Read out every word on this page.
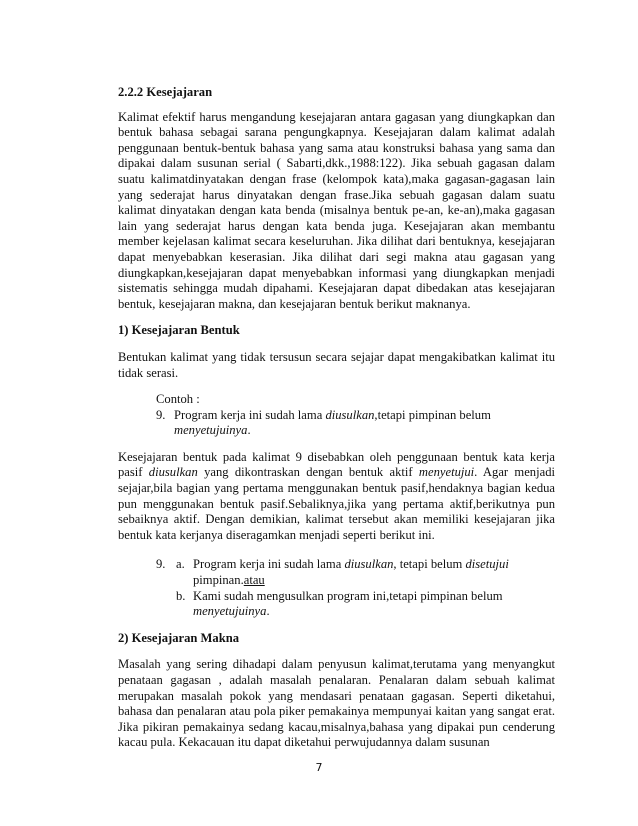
2.2.2 Kesejajaran

Kalimat efektif harus mengandung kesejajaran antara gagasan yang diungkapkan dan bentuk bahasa sebagai sarana pengungkapnya. Kesejajaran dalam kalimat adalah penggunaan bentuk-bentuk bahasa yang sama atau konstruksi bahasa yang sama dan dipakai dalam susunan serial ( Sabarti,dkk.,1988:122). Jika sebuah gagasan dalam suatu kalimatdinyatakan dengan frase (kelompok kata),maka gagasan-gagasan lain yang sederajat harus dinyatakan dengan frase.Jika sebuah gagasan dalam suatu kalimat dinyatakan dengan kata benda (misalnya bentuk pe-an, ke-an),maka gagasan lain yang sederajat harus dengan kata benda juga. Kesejajaran akan membantu member kejelasan kalimat secara keseluruhan. Jika dilihat dari bentuknya, kesejajaran dapat menyebabkan keserasian. Jika dilihat dari segi makna atau gagasan yang diungkapkan,kesejajaran dapat menyebabkan informasi yang diungkapkan menjadi sistematis sehingga mudah dipahami. Kesejajaran dapat dibedakan atas kesejajaran bentuk, kesejajaran makna, dan kesejajaran bentuk berikut maknanya.

1) Kesejajaran Bentuk

Bentukan kalimat yang tidak tersusun secara sejajar dapat mengakibatkan kalimat itu tidak serasi.

Contoh :
9. Program kerja ini sudah lama diusulkan,tetapi pimpinan belum
menyetujuinya.

Kesejajaran bentuk pada kalimat 9 disebabkan oleh penggunaan bentuk kata kerja pasif diusulkan yang dikontraskan dengan bentuk aktif menyetujui. Agar menjadi sejajar,bila bagian yang pertama menggunakan bentuk pasif,hendaknya bagian kedua pun menggunakan bentuk pasif.Sebaliknya,jika yang pertama aktif,berikutnya pun sebaiknya aktif. Dengan demikian, kalimat tersebut akan memiliki kesejajaran jika bentuk kata kerjanya diseragamkan menjadi seperti berikut ini.

9. a. Program kerja ini sudah lama diusulkan, tetapi belum disetujui
pimpinan.atau
b. Kami sudah mengusulkan program ini,tetapi pimpinan belum
menyetujuinya.

2) Kesejajaran Makna

Masalah yang sering dihadapi dalam penyusun kalimat,terutama yang menyangkut penataan gagasan , adalah masalah penalaran. Penalaran dalam sebuah kalimat merupakan masalah pokok yang mendasari penataan gagasan. Seperti diketahui, bahasa dan penalaran atau pola piker pemakainya mempunyai kaitan yang sangat erat. Jika pikiran pemakainya sedang kacau,misalnya,bahasa yang dipakai pun cenderung kacau pula. Kekacauan itu dapat diketahui perwujudannya dalam susunan

7
